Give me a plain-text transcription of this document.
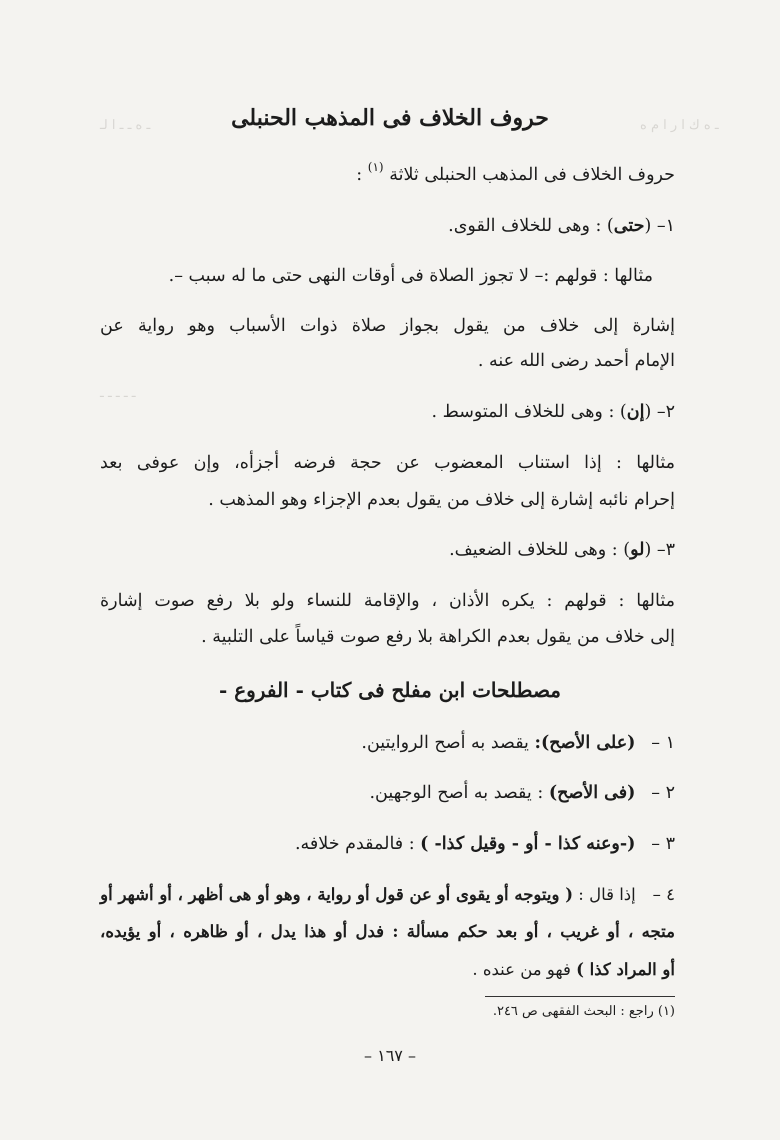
ـ ه ك ا ر ا م ه
ـ ه ـ ـ ا لـ
ـ ـ ـ ـ ـ
حروف الخلاف فى المذهب الحنبلى
حروف الخلاف فى المذهب الحنبلى ثلاثة $^{(١)}$ :
١– (حتى) : وهى للخلاف القوى.
مثالها : قولهم :– لا تجوز الصلاة فى أوقات النهى حتى ما له سبب –.
إشارة إلى خلاف من يقول بجواز صلاة ذوات الأسباب وهو رواية عن
الإمام أحمد رضى الله عنه .
٢– (إن) : وهى للخلاف المتوسط .
مثالها : إذا استناب المعضوب عن حجة فرضه أجزأه، وإن عوفى بعد
إحرام نائبه إشارة إلى خلاف من يقول بعدم الإجزاء وهو المذهب .
٣– (لو) : وهى للخلاف الضعيف.
مثالها : قولهم : يكره الأذان ، والإقامة للنساء ولو بلا رفع صوت إشارة
إلى خلاف من يقول بعدم الكراهة بلا رفع صوت قياساً على التلبية .
مصطلحات ابن مفلح فى كتاب - الفروع -
١ – (على الأصح): يقصد به أصح الروايتين.
٢ – (فى الأصح) : يقصد به أصح الوجهين.
٣ – (-وعنه كذا - أو - وقيل كذا- ) : فالمقدم خلافه.
٤ – إذا قال : ( ويتوجه أو يقوى أو عن قول أو رواية ، وهو أو هى أظهر ، أو أشهر أو
متجه ، أو غريب ، أو بعد حكم مسألة : فدل أو هذا يدل ، أو ظاهره ، أو يؤيده،
أو المراد كذا ) فهو من عنده .
(١) راجع : البحث الفقهى ص ٢٤٦.
– ١٦٧ –
